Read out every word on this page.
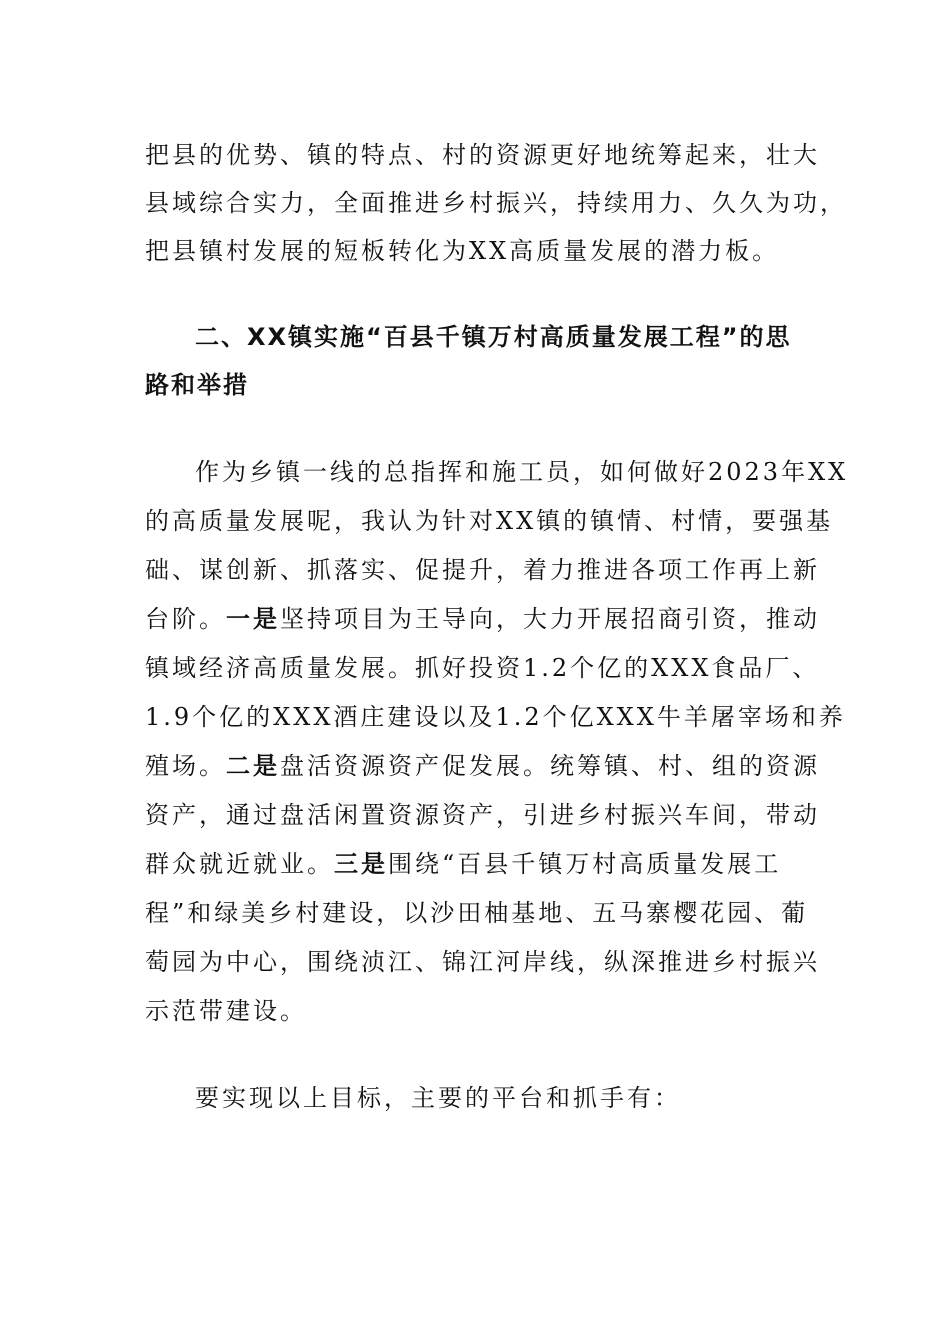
把县的优势、镇的特点、村的资源更好地统筹起来，壮大
县域综合实力，全面推进乡村振兴，持续用力、久久为功，
把县镇村发展的短板转化为XX高质量发展的潜力板。
二、XX镇实施“百县千镇万村高质量发展工程”的思
路和举措
作为乡镇一线的总指挥和施工员，如何做好2023年XX
的高质量发展呢，我认为针对XX镇的镇情、村情，要强基
础、谋创新、抓落实、促提升，着力推进各项工作再上新
台阶。一是坚持项目为王导向，大力开展招商引资，推动
镇域经济高质量发展。抓好投资1.2个亿的XXX食品厂、
1.9个亿的XXX酒庄建设以及1.2个亿XXX牛羊屠宰场和养
殖场。二是盘活资源资产促发展。统筹镇、村、组的资源
资产，通过盘活闲置资源资产，引进乡村振兴车间，带动
群众就近就业。三是围绕“百县千镇万村高质量发展工
程”和绿美乡村建设，以沙田柚基地、五马寨樱花园、葡
萄园为中心，围绕浈江、锦江河岸线，纵深推进乡村振兴
示范带建设。
要实现以上目标，主要的平台和抓手有：
